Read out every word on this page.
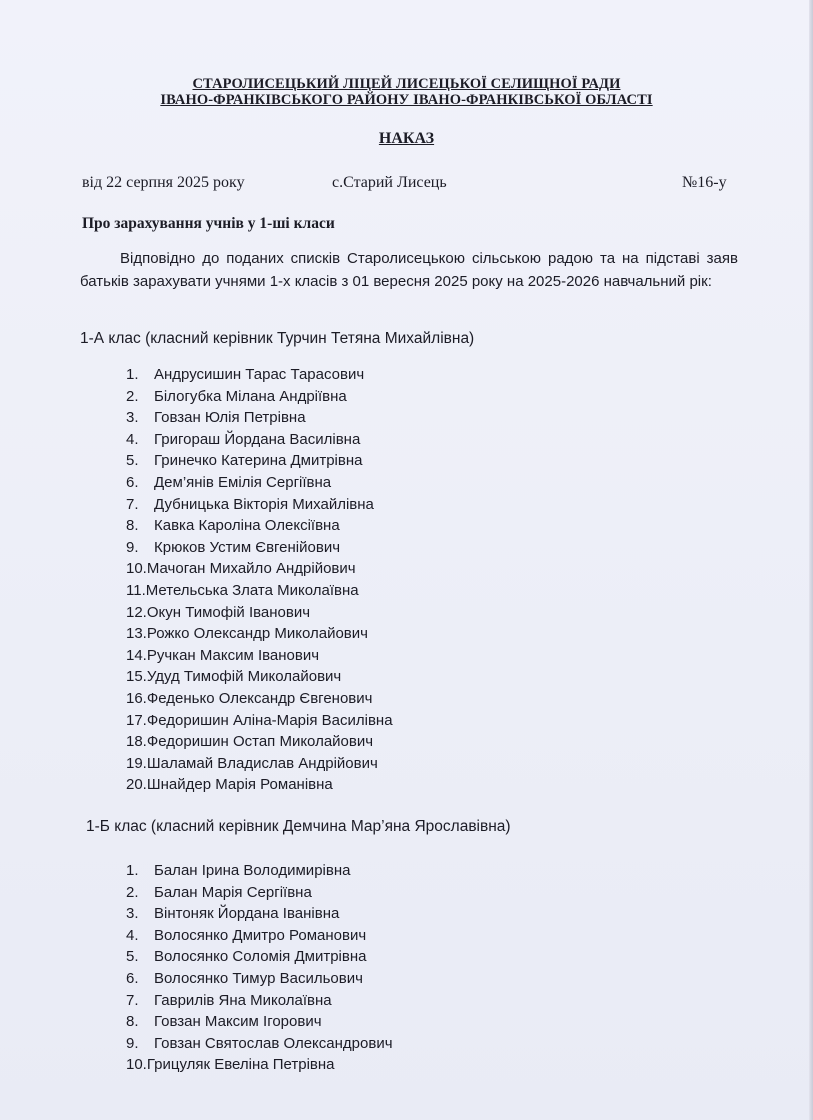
СТАРОЛИСЕЦЬКИЙ ЛІЦЕЙ ЛИСЕЦЬКОЇ СЕЛИЩНОЇ РАДИ
ІВАНО-ФРАНКІВСЬКОГО РАЙОНУ ІВАНО-ФРАНКІВСЬКОЇ ОБЛАСТІ
НАКАЗ
від 22 серпня 2025 року	с.Старий Лисець	№16-у
Про зарахування учнів у 1-ші класи
Відповідно до поданих списків Старолисецькою сільською радою та на підставі заяв батьків зарахувати учнями 1-х класів з 01 вересня 2025 року на 2025-2026 навчальний рік:
1-А клас (класний керівник Турчин Тетяна Михайлівна)
1. Андрусишин Тарас Тарасович
2. Білогубка Мілана Андріївна
3. Говзан Юлія Петрівна
4. Григораш Йордана Василівна
5. Гринечко Катерина Дмитрівна
6. Дем’янів Емілія Сергіївна
7. Дубницька Вікторія Михайлівна
8. Кавка Кароліна Олексіївна
9. Крюков Устим Євгенійович
10.Мачоган Михайло Андрійович
11.Метельська Злата Миколаївна
12.Окун Тимофій Іванович
13.Рожко Олександр Миколайович
14.Ручкан Максим Іванович
15.Удуд Тимофій Миколайович
16.Феденько Олександр Євгенович
17.Федоришин Аліна-Марія Василівна
18.Федоришин Остап Миколайович
19.Шаламай Владислав Андрійович
20.Шнайдер Марія Романівна
1-Б клас (класний керівник Демчина Мар’яна Ярославівна)
1. Балан Ірина Володимирівна
2. Балан Марія Сергіївна
3. Вінтоняк Йордана Іванівна
4. Волосянко Дмитро Романович
5. Волосянко Соломія Дмитрівна
6. Волосянко Тимур Васильович
7. Гаврилів Яна Миколаївна
8. Говзан Максим Ігорович
9. Говзан Святослав Олександрович
10.Грицуляк Евеліна Петрівна
